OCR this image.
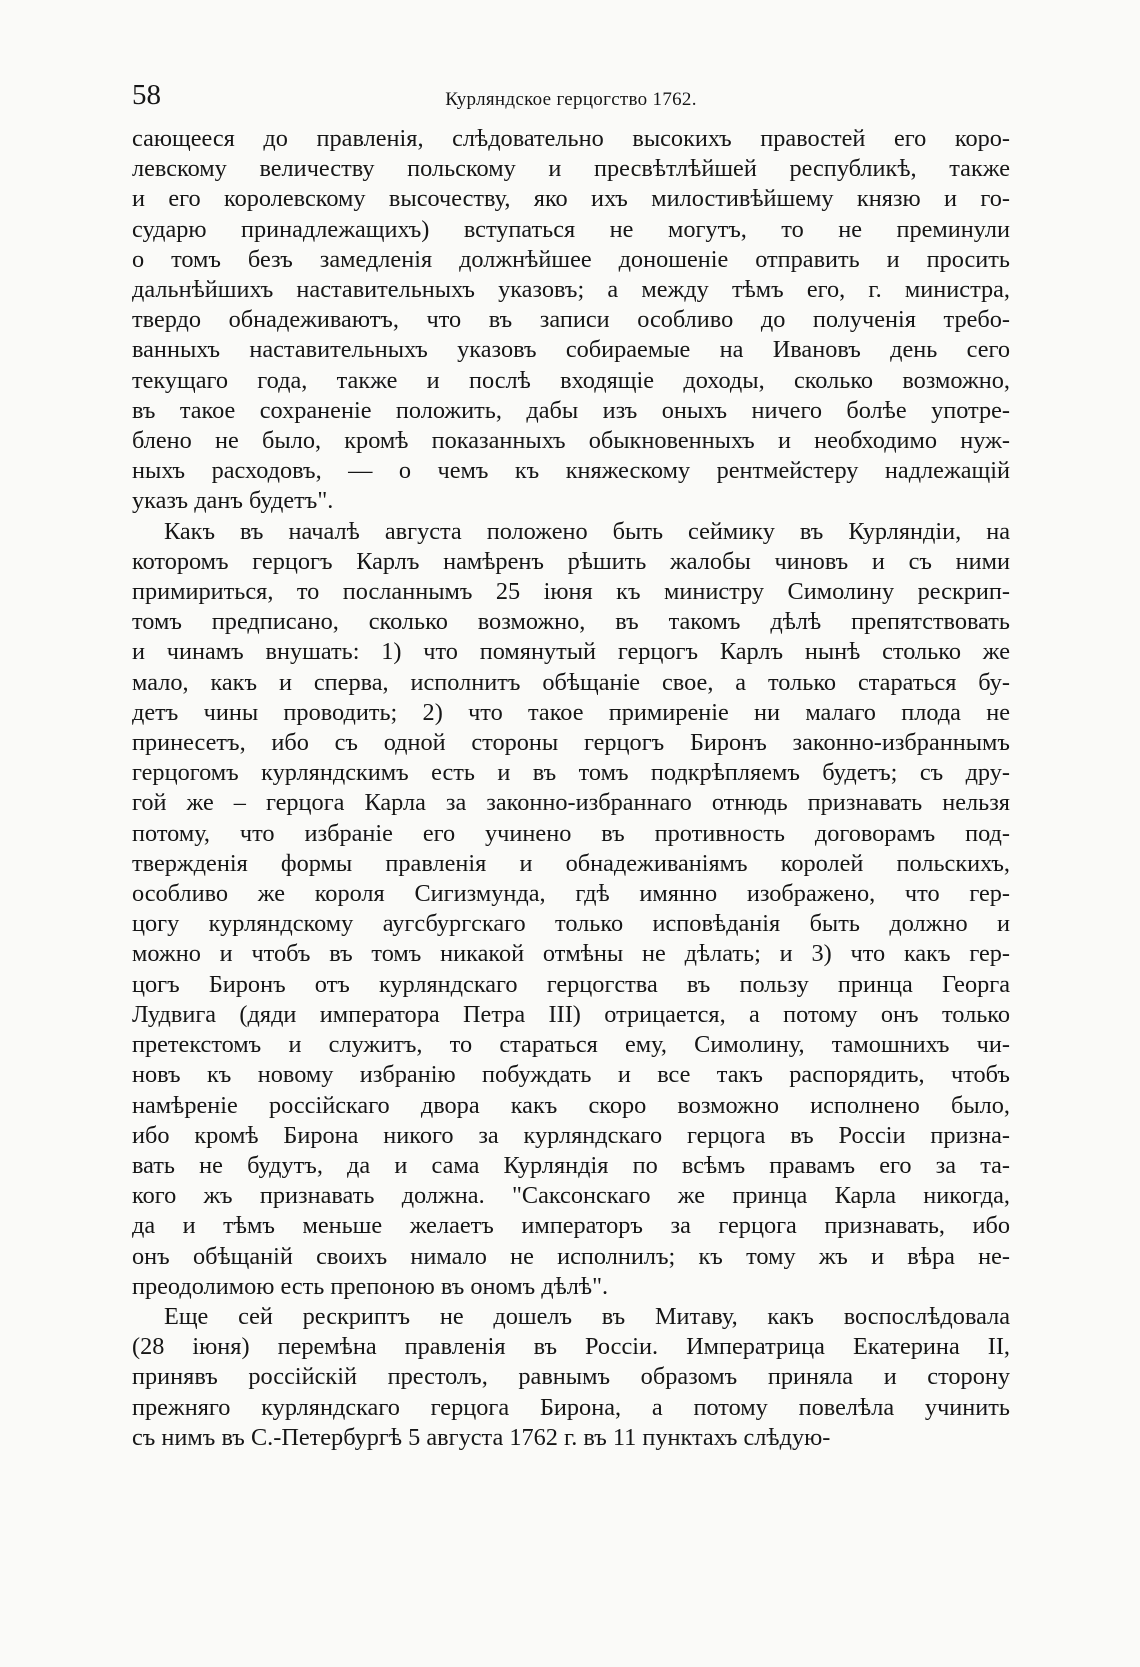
58	Курляндское герцогство 1762.
сающееся до правленія, слѣдовательно высокихъ правостей его коро-
левскому величеству польскому и пресвѣтлѣйшей республикѣ, также
и его королевскому высочеству, яко ихъ милостивѣйшему князю и го-
сударю принадлежащихъ) вступаться не могутъ, то не преминули
о томъ безъ замедленія должнѣйшее доношеніе отправить и просить
дальнѣйшихъ наставительныхъ указовъ; а между тѣмъ его, г. министра,
твердо обнадеживаютъ, что въ записи особливо до полученія требо-
ванныхъ наставительныхъ указовъ собираемые на Ивановъ день сего
текущаго года, также и послѣ входящіе доходы, сколько возможно,
въ такое сохраненіе положить, дабы изъ оныхъ ничего болѣе употре-
блено не было, кромѣ показанныхъ обыкновенныхъ и необходимо нуж-
ныхъ расходовъ, — о чемъ къ княжескому рентмейстеру надлежащій
указъ данъ будетъ".
Какъ въ началѣ августа положено быть сеймику въ Курляндіи, на
которомъ герцогъ Карлъ намѣренъ рѣшить жалобы чиновъ и съ ними
примириться, то посланнымъ 25 іюня къ министру Симолину рескрип-
томъ предписано, сколько возможно, въ такомъ дѣлѣ препятствовать
и чинамъ внушать: 1) что помянутый герцогъ Карлъ нынѣ столько же
мало, какъ и сперва, исполнитъ обѣщаніе свое, а только стараться бу-
детъ чины проводить; 2) что такое примиреніе ни малаго плода не
принесетъ, ибо съ одной стороны герцогъ Биронъ законно-избраннымъ
герцогомъ курляндскимъ есть и въ томъ подкрѣпляемъ будетъ; съ дру-
гой же – герцога Карла за законно-избраннаго отнюдь признавать нельзя
потому, что избраніе его учинено въ противность договорамъ под-
твержденія формы правленія и обнадеживаніямъ королей польскихъ,
особливо же короля Сигизмунда, гдѣ имянно изображено, что гер-
цогу курляндскому аугсбургскаго только исповѣданія быть должно и
можно и чтобъ въ томъ никакой отмѣны не дѣлать; и 3) что какъ гер-
цогъ Биронъ отъ курляндскаго герцогства въ пользу принца Георга
Лудвига (дяди императора Петра III) отрицается, а потому онъ только
претекстомъ и служитъ, то стараться ему, Симолину, тамошнихъ чи-
новъ къ новому избранію побуждать и все такъ распорядить, чтобъ
намѣреніе россійскаго двора какъ скоро возможно исполнено было,
ибо кромѣ Бирона никого за курляндскаго герцога въ Россіи призна-
вать не будутъ, да и сама Курляндія по всѣмъ правамъ его за та-
кого жъ признавать должна. "Саксонскаго же принца Карла никогда,
да и тѣмъ меньше желаетъ императоръ за герцога признавать, ибо
онъ обѣщаній своихъ нимало не исполнилъ; къ тому жъ и вѣра не-
преодолимою есть препоною въ ономъ дѣлѣ".
Еще сей рескриптъ не дошелъ въ Митаву, какъ воспослѣдовала
(28 іюня) перемѣна правленія въ Россіи. Императрица Екатерина II,
принявъ россійскій престолъ, равнымъ образомъ приняла и сторону
прежняго курляндскаго герцога Бирона, а потому повелѣла учинить
съ нимъ въ С.-Петербургѣ 5 августа 1762 г. въ 11 пунктахъ слѣдую-
